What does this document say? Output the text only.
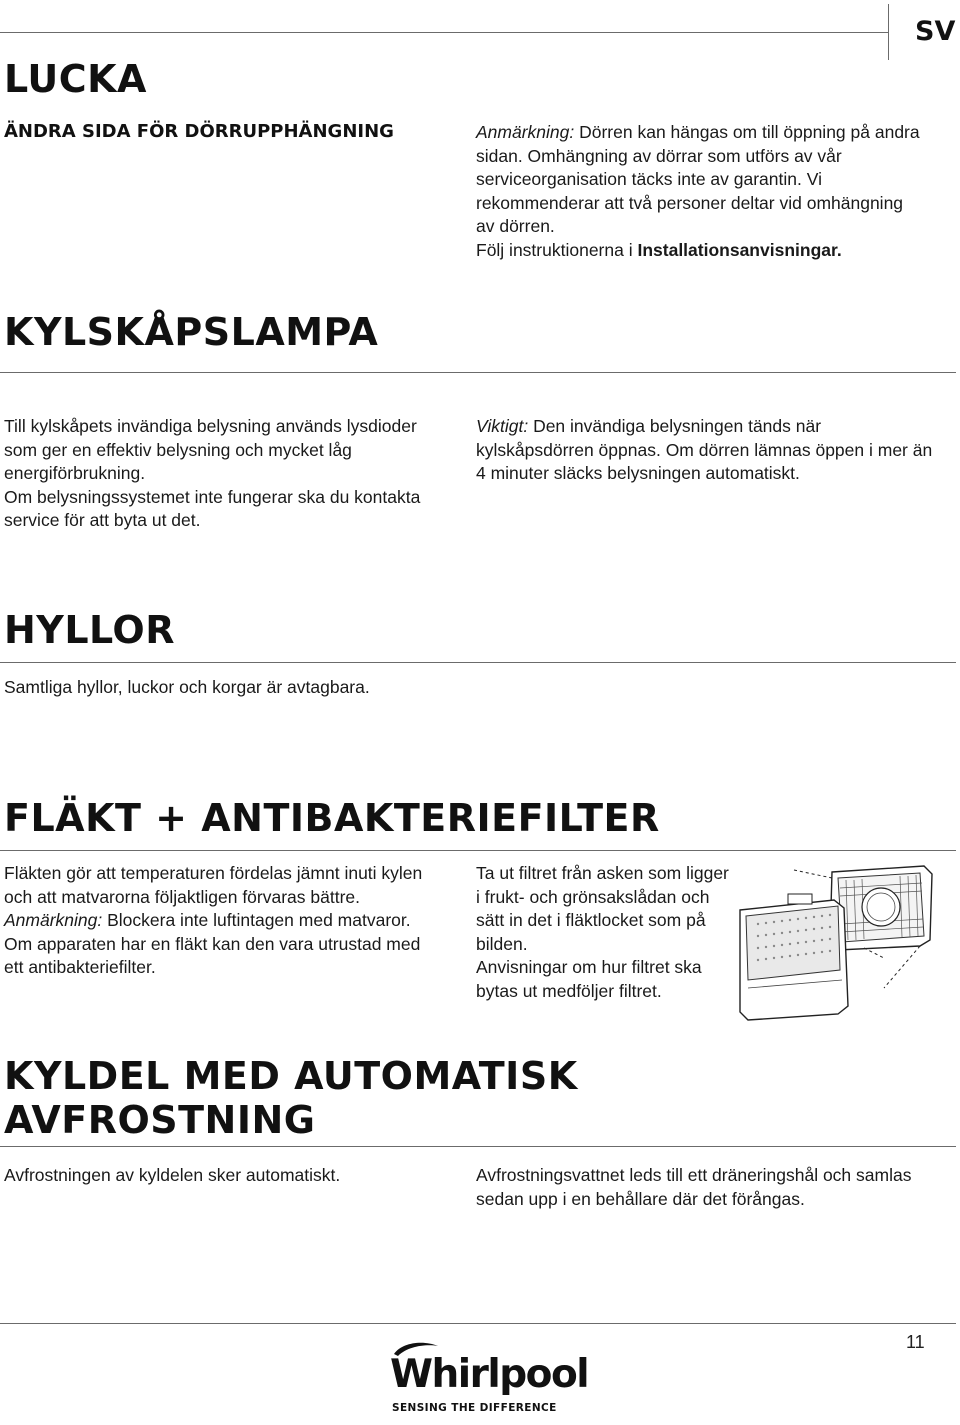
SV
LUCKA
ÄNDRA SIDA FÖR DÖRRUPPHÄNGNING	Anmärkning: Dörren kan hängas om till öppning på andra sidan. Omhängning av dörrar som utförs av vår serviceorganisation täcks inte av garantin. Vi rekommenderar att två personer deltar vid omhängning av dörren.

Följ instruktionerna i Installationsanvisningar.

KYLSKÅPSLAMPA

Till kylskåpets invändiga belysning används lysdioder som ger en effektiv belysning och mycket låg energiförbrukning.

Om belysningssystemet inte fungerar ska du kontakta service för att byta ut det.

Viktigt: Den invändiga belysningen tänds när kylskåpsdörren öppnas. Om dörren lämnas öppen i mer än 4 minuter släcks belysningen automatiskt.

HYLLOR
Samtliga hyllor, luckor och korgar är avtagbara.
FLÄKT + ANTIBAKTERIEFILTER

Fläkten gör att temperaturen fördelas jämnt inuti kylen och att matvarorna följaktligen förvaras bättre.

Anmärkning: Blockera inte luftintagen med matvaror.

Om apparaten har en fläkt kan den vara utrustad med ett antibakteriefilter.

Ta ut filtret från asken som ligger i frukt- och grönsakslådan och sätt in det i fläktlocket som på bilden.

Anvisningar om hur filtret ska bytas ut medföljer filtret.

KYLDEL MED AUTOMATISK
AVFROSTNING
Avfrostningen av kyldelen sker automatiskt.	Avfrostningsvattnet leds till ett dräneringshål och samlas sedan upp i en behållare där det förångas.
11
Whirlpool
SENSING THE DIFFERENCE
